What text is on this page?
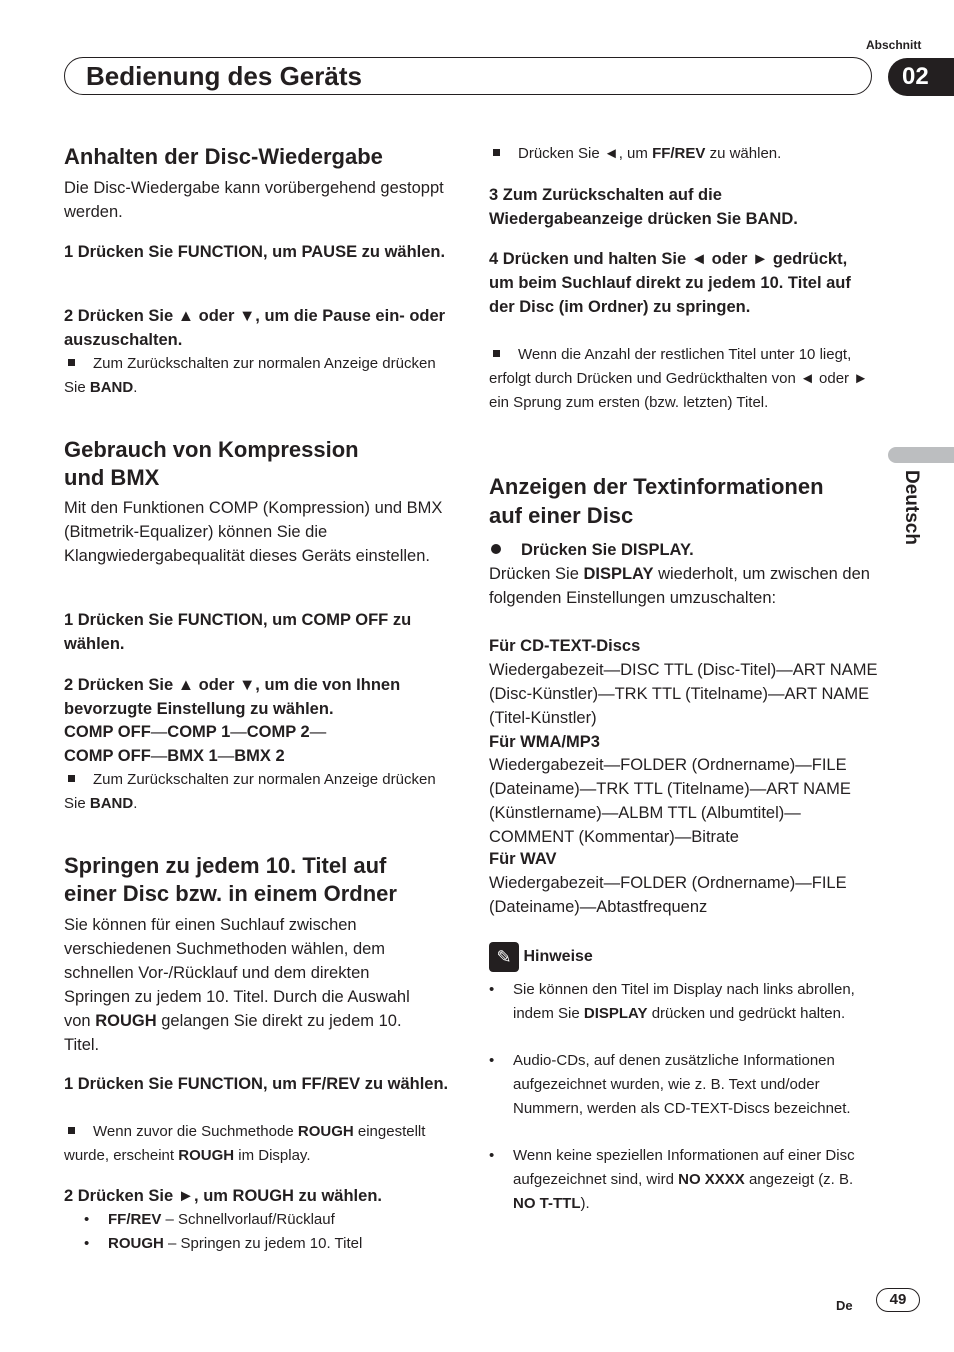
Abschnitt
Bedienung des Geräts	02
Deutsch
Anhalten der Disc-Wiedergabe

Die Disc-Wiedergabe kann vorübergehend gestoppt werden.

1 Drücken Sie FUNCTION, um PAUSE zu wählen.

2 Drücken Sie ▲ oder ▼, um die Pause ein- oder auszuschalten.

Zum Zurückschalten zur normalen Anzeige drücken Sie BAND.

Gebrauch von Kompression
und BMX

Mit den Funktionen COMP (Kompression) und BMX (Bitmetrik-Equalizer) können Sie die Klangwiedergabequalität dieses Geräts einstellen.

1 Drücken Sie FUNCTION, um COMP OFF zu wählen.

2 Drücken Sie ▲ oder ▼, um die von Ihnen bevorzugte Einstellung zu wählen.

COMP OFF—COMP 1—COMP 2—
COMP OFF—BMX 1—BMX 2

Zum Zurückschalten zur normalen Anzeige drücken Sie BAND.

Springen zu jedem 10. Titel auf
einer Disc bzw. in einem Ordner

Sie können für einen Suchlauf zwischen verschiedenen Suchmethoden wählen, dem schnellen Vor-/Rücklauf und dem direkten Springen zu jedem 10. Titel. Durch die Auswahl von ROUGH gelangen Sie direkt zu jedem 10. Titel.

1 Drücken Sie FUNCTION, um FF/REV zu wählen.

Wenn zuvor die Suchmethode ROUGH eingestellt wurde, erscheint ROUGH im Display.

2 Drücken Sie ►, um ROUGH zu wählen.

• FF/REV – Schnellvorlauf/Rücklauf

• ROUGH – Springen zu jedem 10. Titel

Drücken Sie ◄, um FF/REV zu wählen.

3 Zum Zurückschalten auf die Wiedergabeanzeige drücken Sie BAND.

4 Drücken und halten Sie ◄ oder ► gedrückt, um beim Suchlauf direkt zu jedem 10. Titel auf der Disc (im Ordner) zu springen.

Wenn die Anzahl der restlichen Titel unter 10 liegt, erfolgt durch Drücken und Gedrückthalten von ◄ oder ► ein Sprung zum ersten (bzw. letzten) Titel.

Anzeigen der Textinformationen
auf einer Disc

Drücken Sie DISPLAY.

Drücken Sie DISPLAY wiederholt, um zwischen den folgenden Einstellungen umzuschalten:

Für CD-TEXT-Discs

Wiedergabezeit—DISC TTL (Disc-Titel)—ART NAME (Disc-Künstler)—TRK TTL (Titelname)—ART NAME (Titel-Künstler)

Für WMA/MP3

Wiedergabezeit—FOLDER (Ordnername)—FILE (Dateiname)—TRK TTL (Titelname)—ART NAME (Künstlername)—ALBM TTL (Albumtitel)—COMMENT (Kommentar)—Bitrate

Für WAV

Wiedergabezeit—FOLDER (Ordnername)—FILE (Dateiname)—Abtastfrequenz

✎ Hinweise

• Sie können den Titel im Display nach links abrollen, indem Sie DISPLAY drücken und gedrückt halten.

• Audio-CDs, auf denen zusätzliche Informationen aufgezeichnet wurden, wie z. B. Text und/oder Nummern, werden als CD-TEXT-Discs bezeichnet.

• Wenn keine speziellen Informationen auf einer Disc aufgezeichnet sind, wird NO XXXX angezeigt (z. B. NO T-TTL).

De	49
